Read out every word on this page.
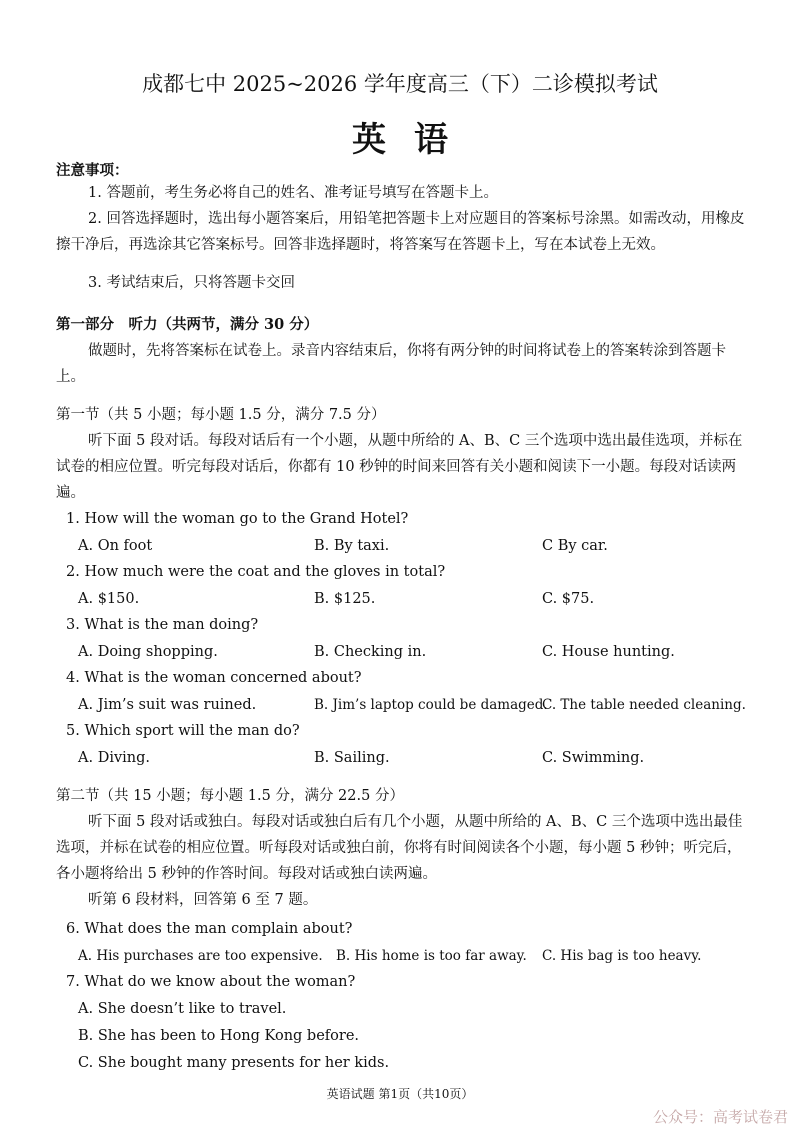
成都七中 2025~2026 学年度高三（下）二诊模拟考试
英语
注意事项：
1. 答题前，考生务必将自己的姓名、准考证号填写在答题卡上。
2. 回答选择题时，选出每小题答案后，用铅笔把答题卡上对应题目的答案标号涂黑。如需改动，用橡皮擦干净后，再选涂其它答案标号。回答非选择题时，将答案写在答题卡上，写在本试卷上无效。
3. 考试结束后，只将答题卡交回
第一部分　听力（共两节，满分 30 分）
做题时，先将答案标在试卷上。录音内容结束后，你将有两分钟的时间将试卷上的答案转涂到答题卡上。
第一节（共 5 小题；每小题 1.5 分，满分 7.5 分）
听下面 5 段对话。每段对话后有一个小题，从题中所给的 A、B、C 三个选项中选出最佳选项，并标在试卷的相应位置。听完每段对话后，你都有 10 秒钟的时间来回答有关小题和阅读下一小题。每段对话读两遍。
1. How will the woman go to the Grand Hotel?
A. On foot	B. By taxi.	C By car.
2. How much were the coat and the gloves in total?
A. $150.	B. $125.	C. $75.
3. What is the man doing?
A. Doing shopping.	B. Checking in.	C. House hunting.
4. What is the woman concerned about?
A. Jim’s suit was ruined.	B. Jim’s laptop could be damaged.
C. The table needed cleaning.
5. Which sport will the man do?
A. Diving.	B. Sailing.	C. Swimming.
第二节（共 15 小题；每小题 1.5 分，满分 22.5 分）
听下面 5 段对话或独白。每段对话或独白后有几个小题，从题中所给的 A、B、C 三个选项中选出最佳选项，并标在试卷的相应位置。听每段对话或独白前，你将有时间阅读各个小题，每小题 5 秒钟；听完后，各小题将给出 5 秒钟的作答时间。每段对话或独白读两遍。
听第 6 段材料，回答第 6 至 7 题。
6. What does the man complain about?
A. His purchases are too expensive. B. His home is too far away. C. His bag is too heavy.
7. What do we know about the woman?
A. She doesn’t like to travel.
B. She has been to Hong Kong before.
C. She bought many presents for her kids.
英语试题 第1页（共10页）
公众号：高考试卷君
